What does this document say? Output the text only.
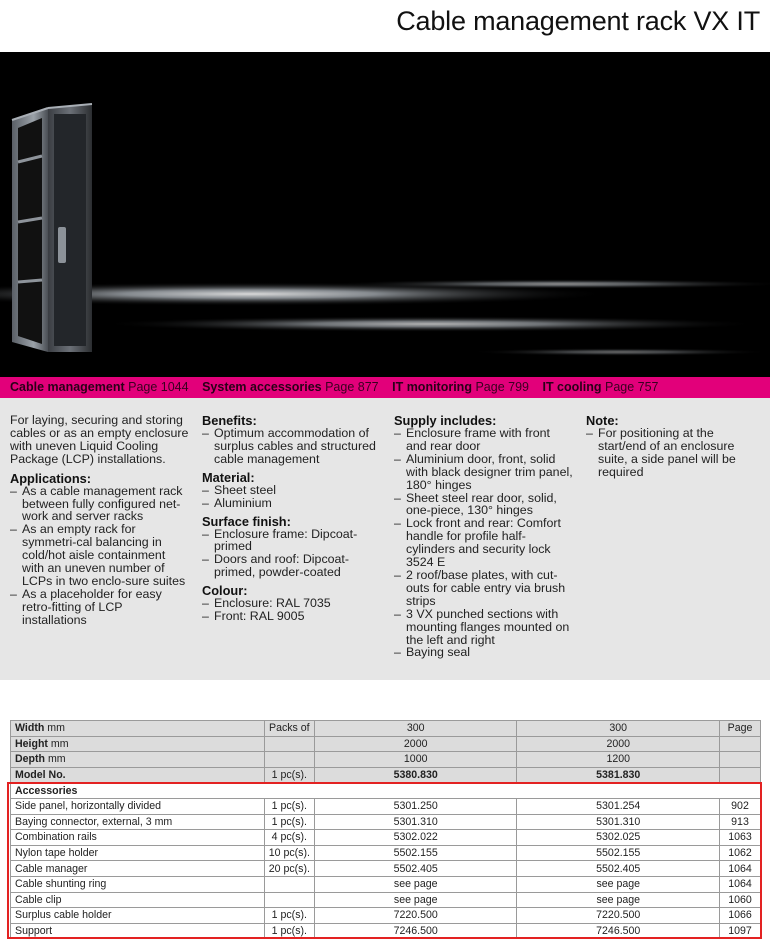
Cable management rack VX IT
Cable management Page 1044 System accessories Page 877 IT monitoring Page 799 IT cooling Page 757

For laying, securing and storing cables or as an empty enclosure with uneven Liquid Cooling Package (LCP) installations.

Applications:
– As a cable management rack between fully configured net-work and server racks
– As an empty rack for symmetri-cal balancing in cold/hot aisle containment with an uneven number of LCPs in two enclo-sure suites
– As a placeholder for easy retro-fitting of LCP installations
Benefits:
– Optimum accommodation of surplus cables and structured cable management
Material:
– Sheet steel
– Aluminium
Surface finish:
– Enclosure frame: Dipcoat-primed
– Doors and roof: Dipcoat-primed, powder-coated
Colour:
– Enclosure: RAL 7035
– Front: RAL 9005
Supply includes:
– Enclosure frame with front and rear door
– Aluminium door, front, solid with black designer trim panel, 180° hinges
– Sheet steel rear door, solid, one-piece, 130° hinges
– Lock front and rear: Comfort handle for profile half-cylinders and security lock 3524 E
– 2 roof/base plates, with cut-outs for cable entry via brush strips
– 3 VX punched sections with mounting flanges mounted on the left and right
– Baying seal
Note:
– For positioning at the start/end of an enclosure suite, a side panel will be required
Width mm	Packs of	300	300	Page
Height mm		2000	2000	
Depth mm		1000	1200	
Model No.	1 pc(s).	5380.830	5381.830	
Accessories				
Side panel, horizontally divided	1 pc(s).	5301.250	5301.254	902
Baying connector, external, 3 mm	1 pc(s).	5301.310	5301.310	913
Combination rails	4 pc(s).	5302.022	5302.025	1063
Nylon tape holder	10 pc(s).	5502.155	5502.155	1062
Cable manager	20 pc(s).	5502.405	5502.405	1064
Cable shunting ring		see page	see page	1064
Cable clip		see page	see page	1060
Surplus cable holder	1 pc(s).	7220.500	7220.500	1066
Support	1 pc(s).	7246.500	7246.500	1097
